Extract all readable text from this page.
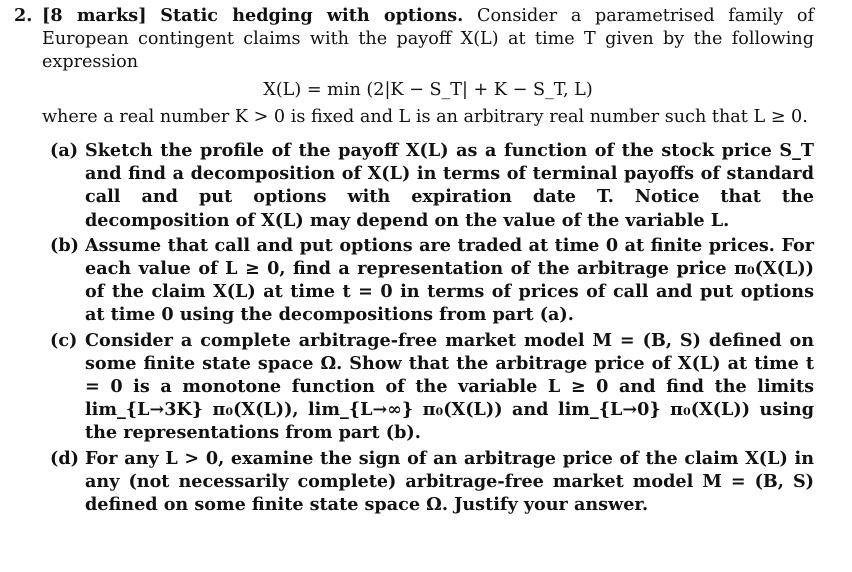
2. [8 marks] Static hedging with options. Consider a parametrised family of European contingent claims with the payoff X(L) at time T given by the following expression
X(L) = min (2|K − S_T| + K − S_T, L)
where a real number K > 0 is fixed and L is an arbitrary real number such that L ≥ 0.
(a) Sketch the profile of the payoff X(L) as a function of the stock price S_T and find a decomposition of X(L) in terms of terminal payoffs of standard call and put options with expiration date T. Notice that the decomposition of X(L) may depend on the value of the variable L.
(b) Assume that call and put options are traded at time 0 at finite prices. For each value of L ≥ 0, find a representation of the arbitrage price π₀(X(L)) of the claim X(L) at time t = 0 in terms of prices of call and put options at time 0 using the decompositions from part (a).
(c) Consider a complete arbitrage-free market model M = (B, S) defined on some finite state space Ω. Show that the arbitrage price of X(L) at time t = 0 is a monotone function of the variable L ≥ 0 and find the limits lim_{L→3K} π₀(X(L)), lim_{L→∞} π₀(X(L)) and lim_{L→0} π₀(X(L)) using the representations from part (b).
(d) For any L > 0, examine the sign of an arbitrage price of the claim X(L) in any (not necessarily complete) arbitrage-free market model M = (B, S) defined on some finite state space Ω. Justify your answer.
